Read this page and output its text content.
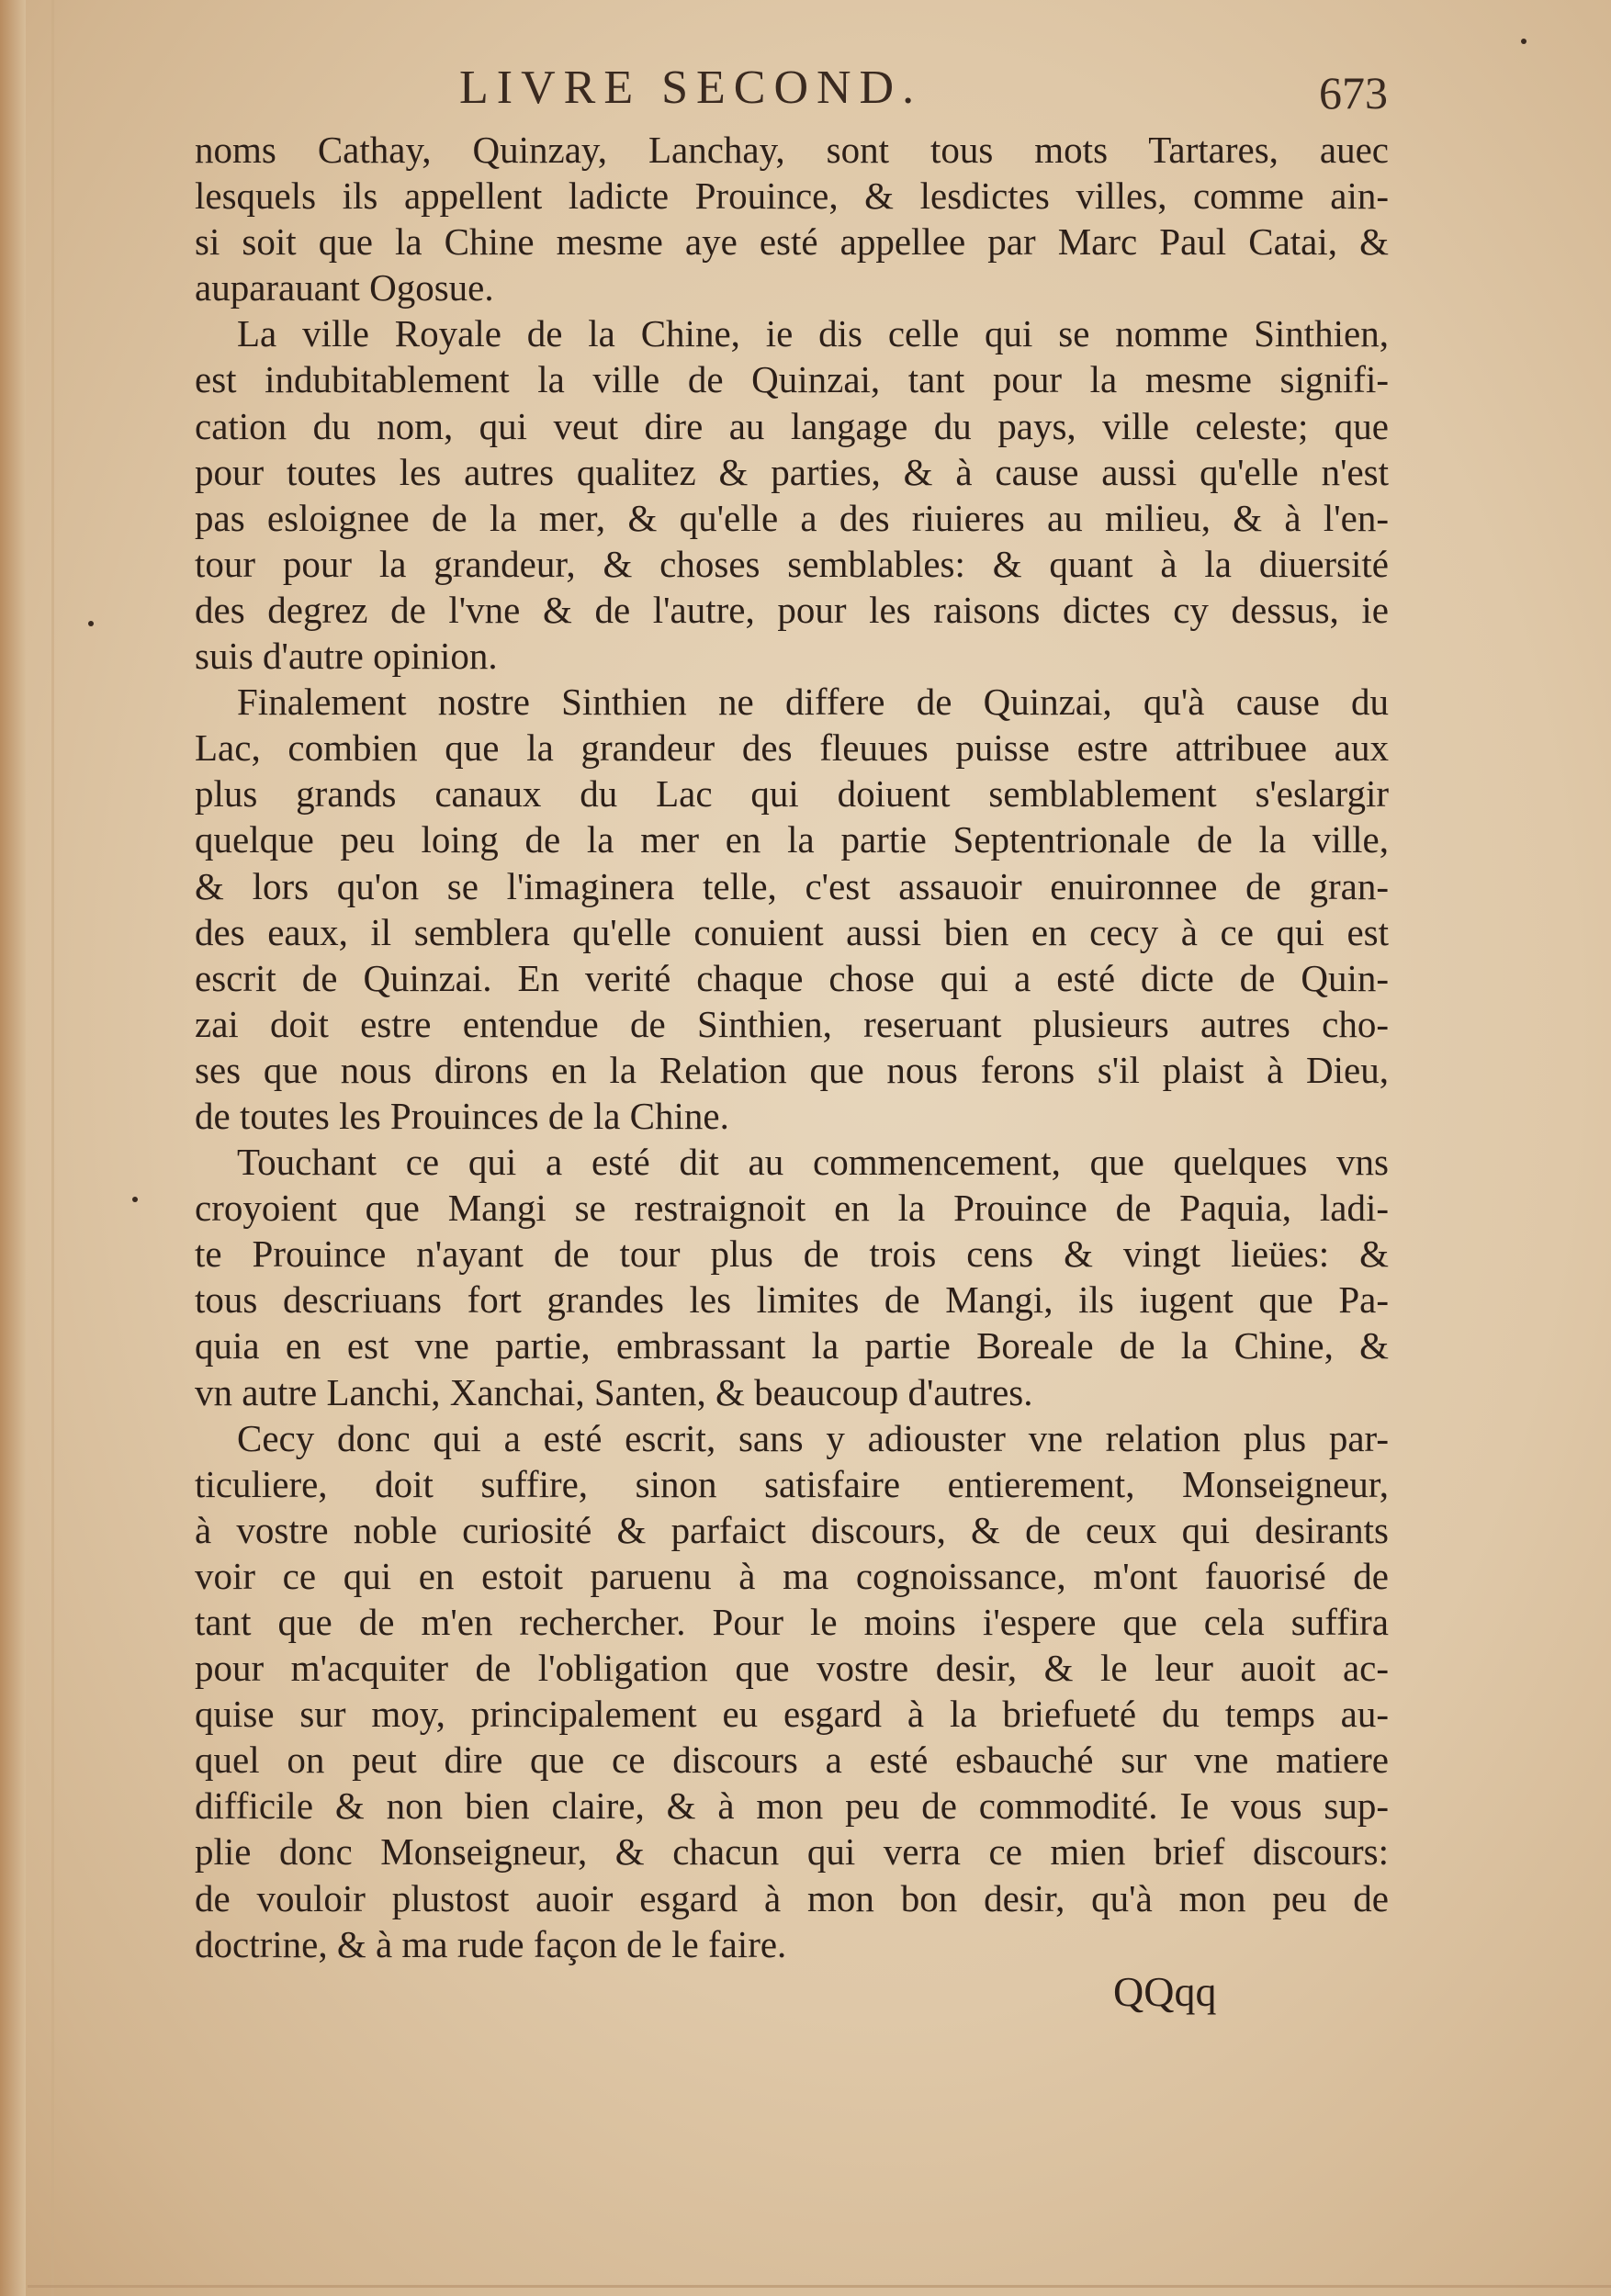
LIVRE SECOND.	673
noms Cathay, Quinzay, Lanchay, sont tous mots Tartares, auec
lesquels ils appellent ladicte Prouince, & lesdictes villes, comme ain-
si soit que la Chine mesme aye esté appellee par Marc Paul Catai, &
auparauant Ogosue.
La ville Royale de la Chine, ie dis celle qui se nomme Sinthien,
est indubitablement la ville de Quinzai, tant pour la mesme signifi-
cation du nom, qui veut dire au langage du pays, ville celeste; que
pour toutes les autres qualitez & parties, & à cause aussi qu'elle n'est
pas esloignee de la mer, & qu'elle a des riuieres au milieu, & à l'en-
tour pour la grandeur, & choses semblables: & quant à la diuersité
des degrez de l'vne & de l'autre, pour les raisons dictes cy dessus, ie
suis d'autre opinion.
Finalement nostre Sinthien ne differe de Quinzai, qu'à cause du
Lac, combien que la grandeur des fleuues puisse estre attribuee aux
plus grands canaux du Lac qui doiuent semblablement s'eslargir
quelque peu loing de la mer en la partie Septentrionale de la ville,
& lors qu'on se l'imaginera telle, c'est assauoir enuironnee de gran-
des eaux, il semblera qu'elle conuient aussi bien en cecy à ce qui est
escrit de Quinzai. En verité chaque chose qui a esté dicte de Quin-
zai doit estre entendue de Sinthien, reseruant plusieurs autres cho-
ses que nous dirons en la Relation que nous ferons s'il plaist à Dieu,
de toutes les Prouinces de la Chine.
Touchant ce qui a esté dit au commencement, que quelques vns
croyoient que Mangi se restraignoit en la Prouince de Paquia, ladi-
te Prouince n'ayant de tour plus de trois cens & vingt lieües: &
tous descriuans fort grandes les limites de Mangi, ils iugent que Pa-
quia en est vne partie, embrassant la partie Boreale de la Chine, &
vn autre Lanchi, Xanchai, Santen, & beaucoup d'autres.
Cecy donc qui a esté escrit, sans y adiouster vne relation plus par-
ticuliere, doit suffire, sinon satisfaire entierement, Monseigneur,
à vostre noble curiosité & parfaict discours, & de ceux qui desirants
voir ce qui en estoit paruenu à ma cognoissance, m'ont fauorisé de
tant que de m'en rechercher. Pour le moins i'espere que cela suffira
pour m'acquiter de l'obligation que vostre desir, & le leur auoit ac-
quise sur moy, principalement eu esgard à la briefueté du temps au-
quel on peut dire que ce discours a esté esbauché sur vne matiere
difficile & non bien claire, & à mon peu de commodité. Ie vous sup-
plie donc Monseigneur, & chacun qui verra ce mien brief discours:
de vouloir plustost auoir esgard à mon bon desir, qu'à mon peu de
doctrine, & à ma rude façon de le faire.
QQqq
